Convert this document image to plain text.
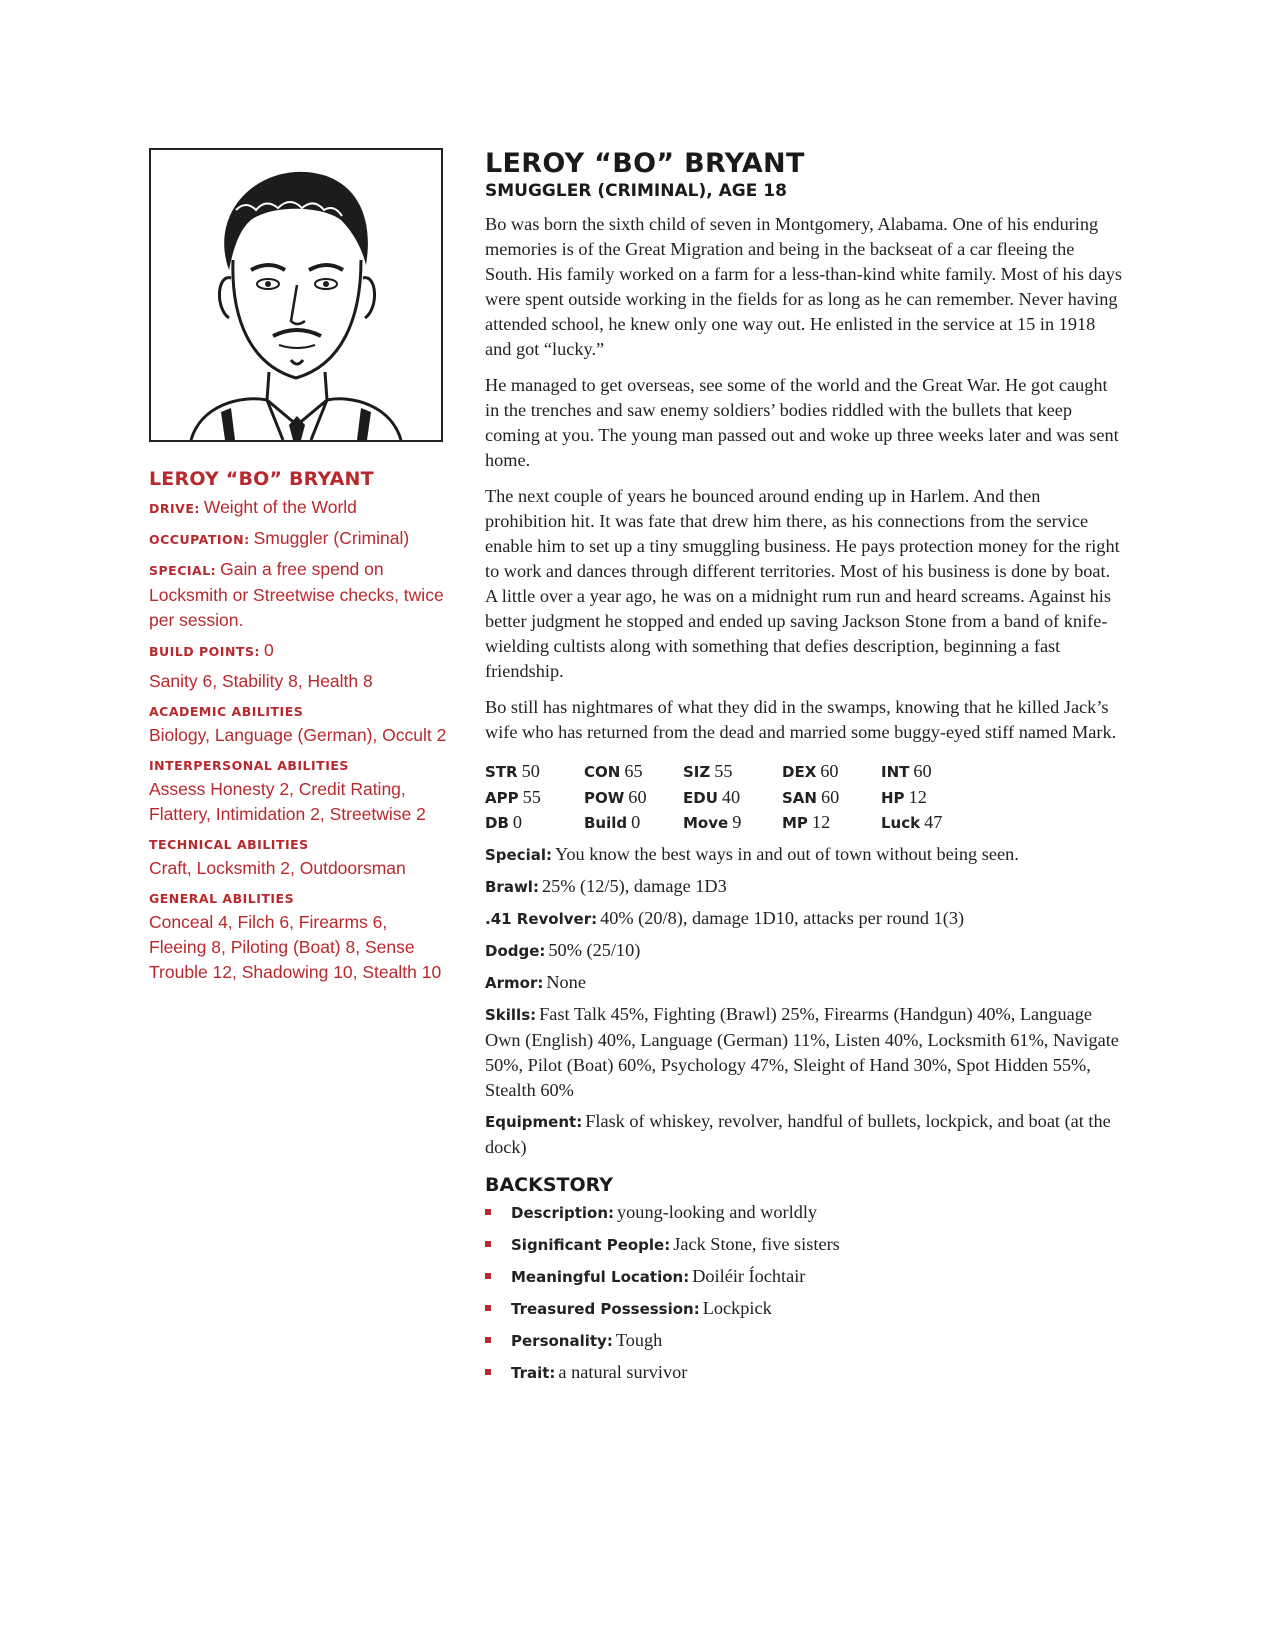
LEROY “BO” BRYANT
DRIVE: Weight of the World
OCCUPATION: Smuggler (Criminal)
SPECIAL: Gain a free spend on Locksmith or Streetwise checks, twice per session.
BUILD POINTS: 0
Sanity 6, Stability 8, Health 8
ACADEMIC ABILITIES
Biology, Language (German), Occult 2
INTERPERSONAL ABILITIES
Assess Honesty 2, Credit Rating, Flattery, Intimidation 2, Streetwise 2
TECHNICAL ABILITIES
Craft, Locksmith 2, Outdoorsman
GENERAL ABILITIES
Conceal 4, Filch 6, Firearms 6, Fleeing 8, Piloting (Boat) 8, Sense Trouble 12, Shadowing 10, Stealth 10
LEROY “BO” BRYANT
SMUGGLER (CRIMINAL), AGE 18

Bo was born the sixth child of seven in Montgomery, Alabama. One of his enduring memories is of the Great Migration and being in the backseat of a car fleeing the South. His family worked on a farm for a less-than-kind white family. Most of his days were spent outside working in the fields for as long as he can remember. Never having attended school, he knew only one way out. He enlisted in the service at 15 in 1918 and got “lucky.”

He managed to get overseas, see some of the world and the Great War. He got caught in the trenches and saw enemy soldiers’ bodies riddled with the bullets that keep coming at you. The young man passed out and woke up three weeks later and was sent home.

The next couple of years he bounced around ending up in Harlem. And then prohibition hit. It was fate that drew him there, as his connections from the service enable him to set up a tiny smuggling business. He pays protection money for the right to work and dances through different territories. Most of his business is done by boat. A little over a year ago, he was on a midnight rum run and heard screams. Against his better judgment he stopped and ended up saving Jackson Stone from a band of knife-wielding cultists along with something that defies description, beginning a fast friendship.

Bo still has nightmares of what they did in the swamps, knowing that he killed Jack’s wife who has returned from the dead and married some buggy-eyed stiff named Mark.

STR 50	CON 65	SIZ 55	DEX 60	INT 60
APP 55	POW 60	EDU 40	SAN 60	HP 12
DB 0	Build 0	Move 9	MP 12	Luck 47
Special: You know the best ways in and out of town without being seen.
Brawl: 25% (12/5), damage 1D3
.41 Revolver: 40% (20/8), damage 1D10, attacks per round 1(3)
Dodge: 50% (25/10)
Armor: None
Skills: Fast Talk 45%, Fighting (Brawl) 25%, Firearms (Handgun) 40%, Language Own (English) 40%, Language (German) 11%, Listen 40%, Locksmith 61%, Navigate 50%, Pilot (Boat) 60%, Psychology 47%, Sleight of Hand 30%, Spot Hidden 55%, Stealth 60%
Equipment: Flask of whiskey, revolver, handful of bullets, lockpick, and boat (at the dock)
BACKSTORY
Description: young-looking and worldly
Significant People: Jack Stone, five sisters
Meaningful Location: Doiléir Íochtair
Treasured Possession: Lockpick
Personality: Tough
Trait: a natural survivor
